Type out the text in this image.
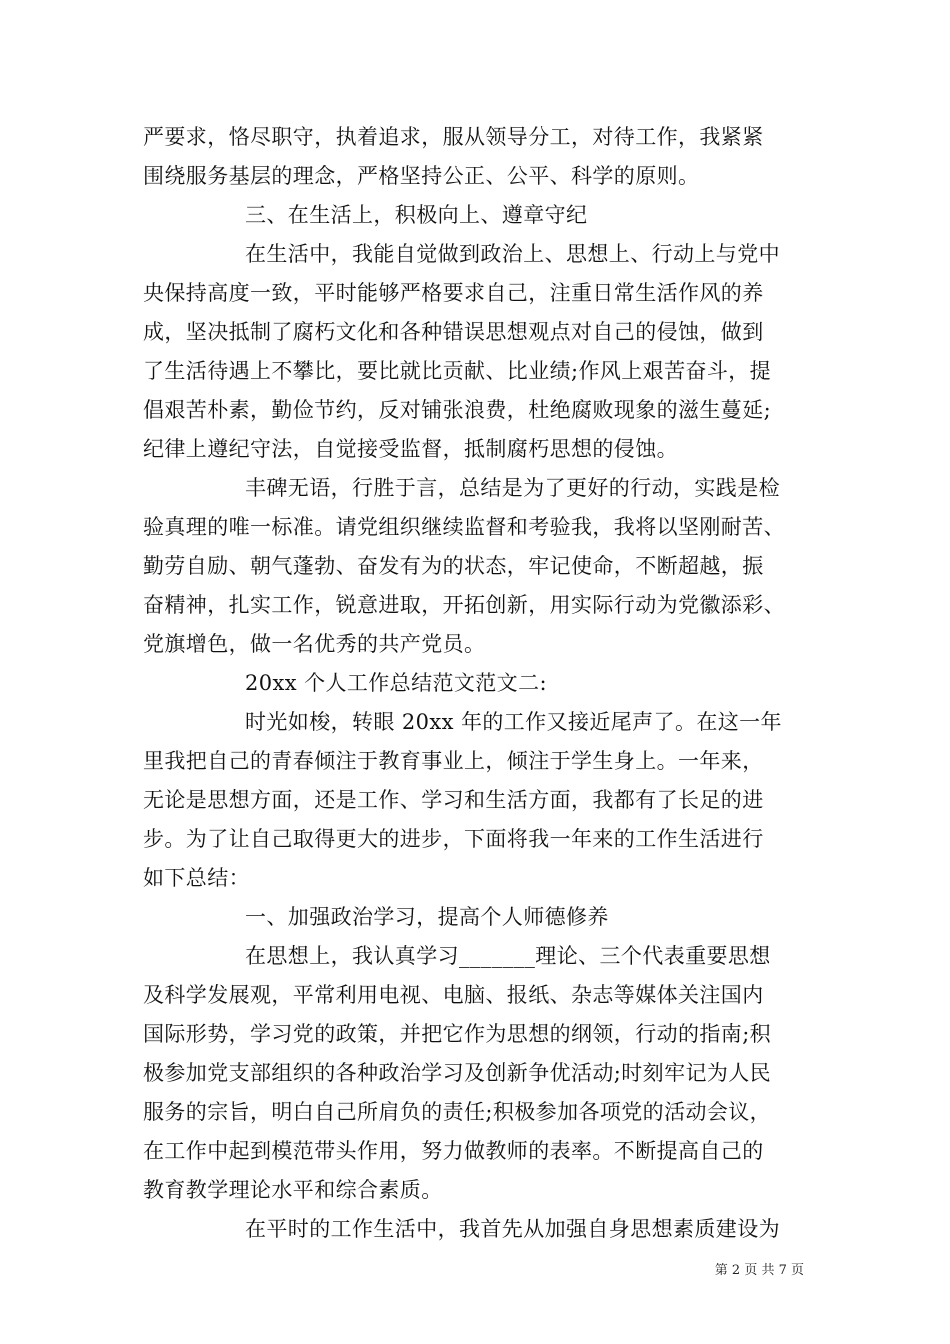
严要求，恪尽职守，执着追求，服从领导分工，对待工作，我紧紧
围绕服务基层的理念，严格坚持公正、公平、科学的原则。
三、在生活上，积极向上、遵章守纪
在生活中，我能自觉做到政治上、思想上、行动上与党中
央保持高度一致，平时能够严格要求自己，注重日常生活作风的养
成，坚决抵制了腐朽文化和各种错误思想观点对自己的侵蚀，做到
了生活待遇上不攀比，要比就比贡献、比业绩;作风上艰苦奋斗，提
倡艰苦朴素，勤俭节约，反对铺张浪费，杜绝腐败现象的滋生蔓延;
纪律上遵纪守法，自觉接受监督，抵制腐朽思想的侵蚀。
丰碑无语，行胜于言，总结是为了更好的行动，实践是检
验真理的唯一标准。请党组织继续监督和考验我，我将以坚刚耐苦、
勤劳自励、朝气蓬勃、奋发有为的状态，牢记使命，不断超越，振
奋精神，扎实工作，锐意进取，开拓创新，用实际行动为党徽添彩、
党旗增色，做一名优秀的共产党员。
20xx 个人工作总结范文范文二:
时光如梭，转眼 20xx 年的工作又接近尾声了。在这一年
里我把自己的青春倾注于教育事业上，倾注于学生身上。一年来，
无论是思想方面，还是工作、学习和生活方面，我都有了长足的进
步。为了让自己取得更大的进步，下面将我一年来的工作生活进行
如下总结：
一、加强政治学习，提高个人师德修养
在思想上，我认真学习_______理论、三个代表重要思想
及科学发展观，平常利用电视、电脑、报纸、杂志等媒体关注国内
国际形势，学习党的政策，并把它作为思想的纲领，行动的指南;积
极参加党支部组织的各种政治学习及创新争优活动;时刻牢记为人民
服务的宗旨，明白自己所肩负的责任;积极参加各项党的活动会议，
在工作中起到模范带头作用，努力做教师的表率。不断提高自己的
教育教学理论水平和综合素质。
在平时的工作生活中，我首先从加强自身思想素质建设为
第 2 页 共 7 页
